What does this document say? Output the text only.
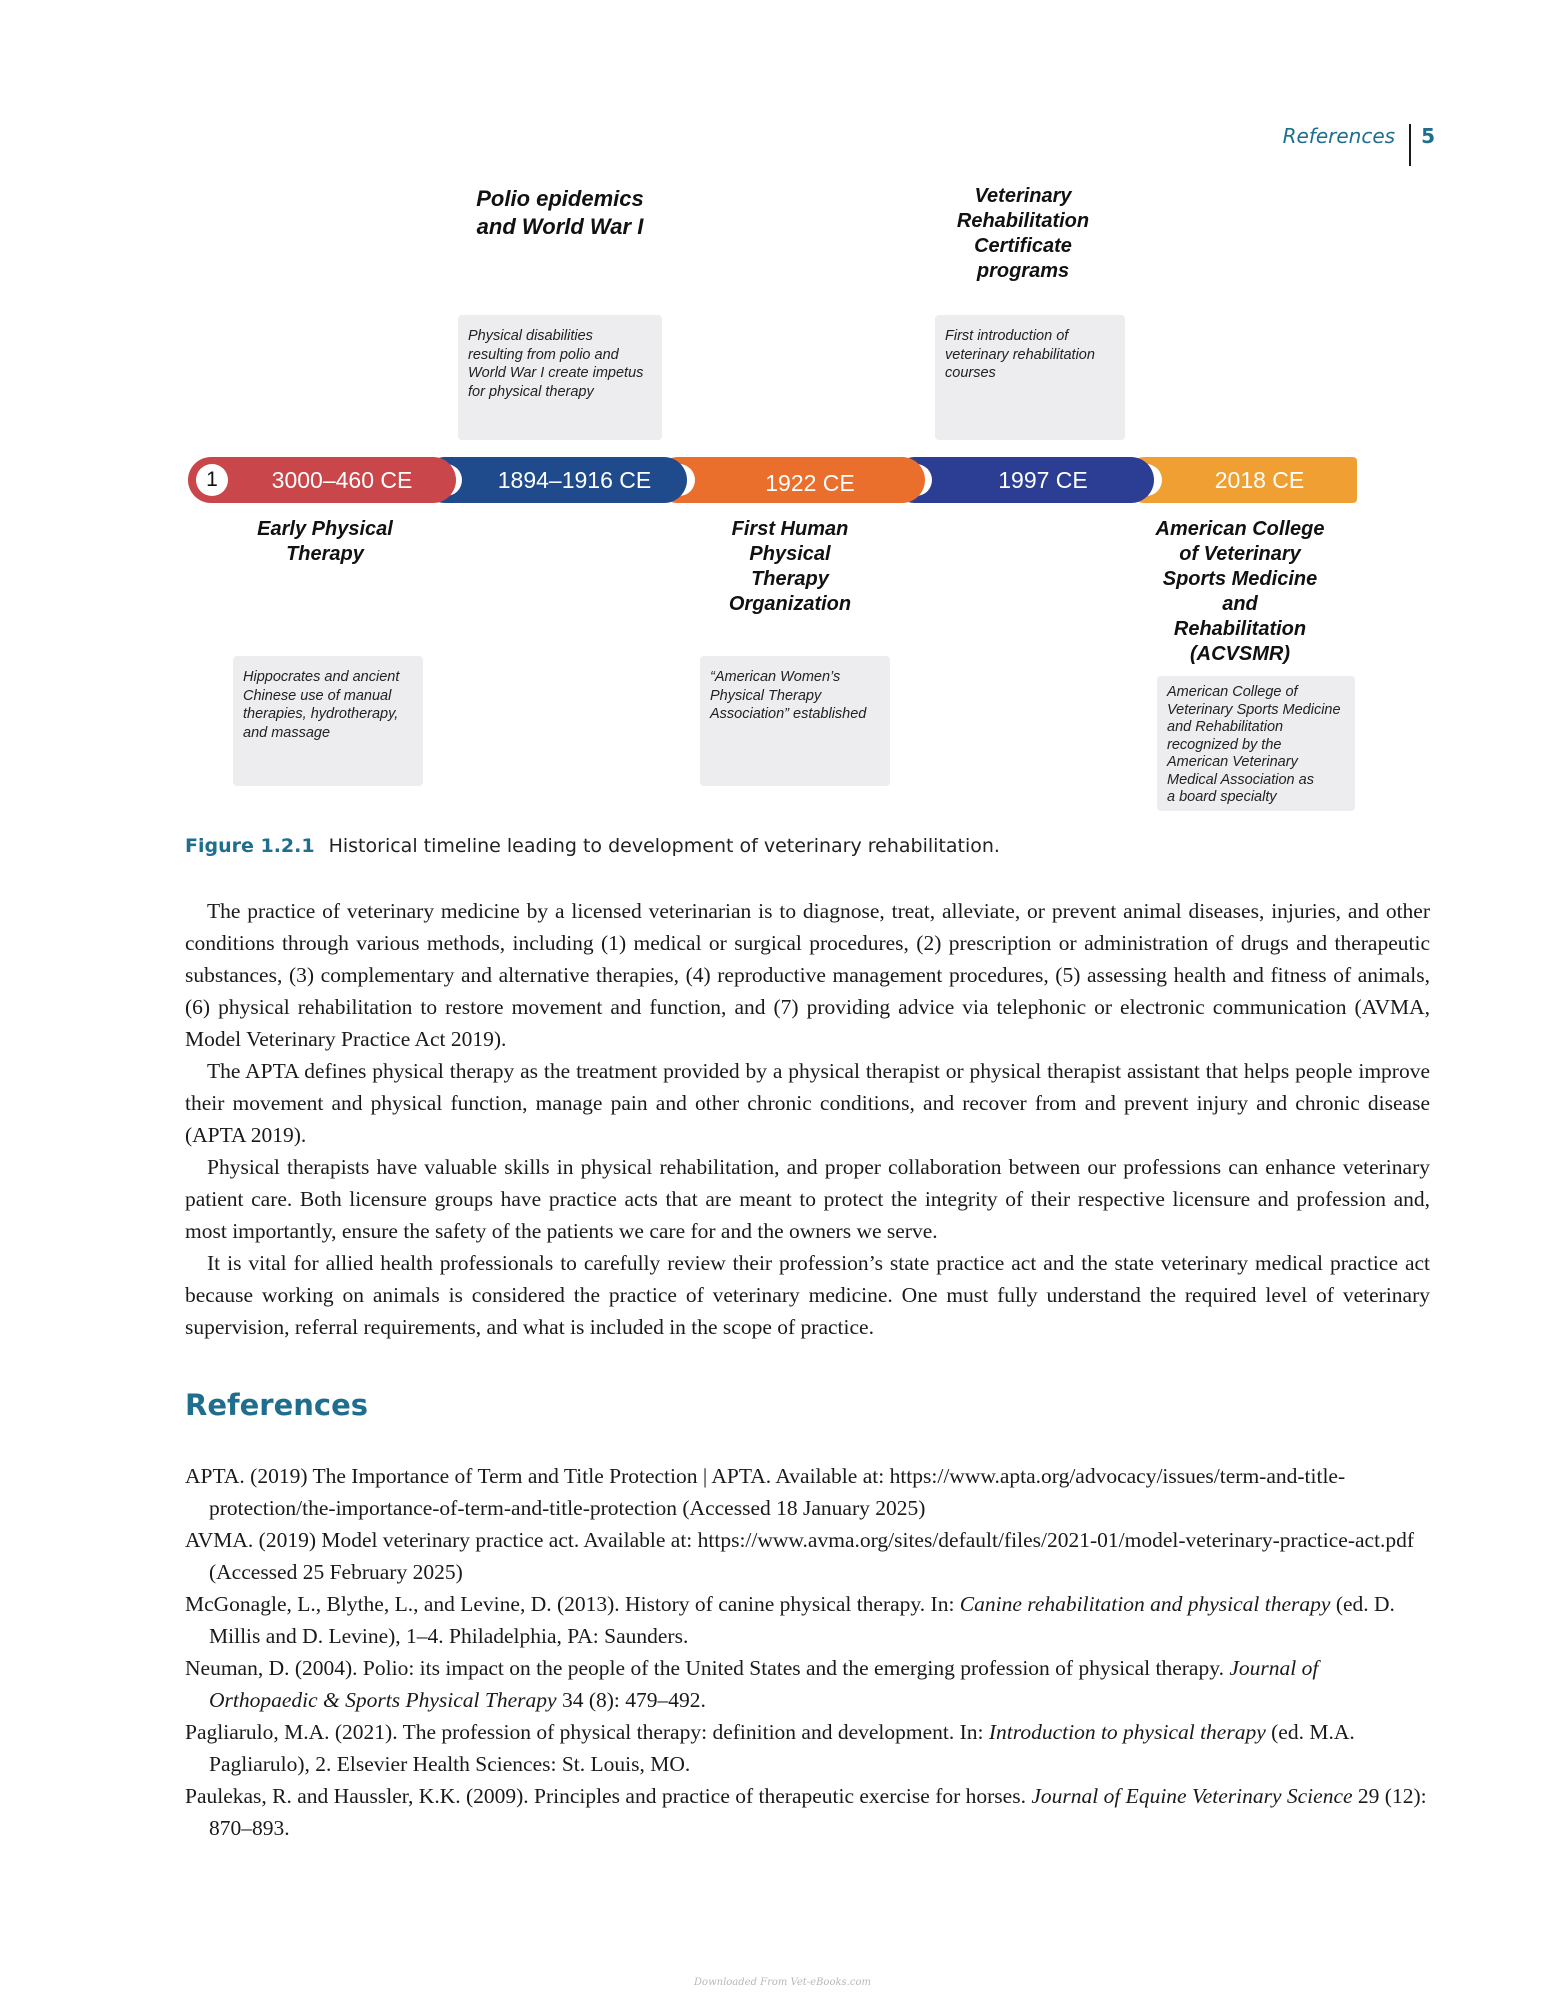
References	5
Polio epidemics
and World War I
Veterinary
Rehabilitation
Certificate
programs
Physical disabilities
resulting from polio and
World War I create impetus
for physical therapy
First introduction of
veterinary rehabilitation
courses
2018 CE
1997 CE
1922 CE
1894–1916 CE
1	3000–460 CE
Early Physical
Therapy
First Human
Physical
Therapy
Organization
American College
of Veterinary
Sports Medicine
and
Rehabilitation
(ACVSMR)
Hippocrates and ancient
Chinese use of manual
therapies, hydrotherapy,
and massage
“American Women’s
Physical Therapy
Association” established
American College of
Veterinary Sports Medicine
and Rehabilitation
recognized by the
American Veterinary
Medical Association as
a board specialty
Figure 1.2.1 Historical timeline leading to development of veterinary rehabilitation.

The practice of veterinary medicine by a licensed veterinarian is to diagnose, treat, alleviate, or prevent animal diseases, injuries, and other conditions through various methods, including (1) medical or surgical procedures, (2) prescription or administration of drugs and therapeutic substances, (3) complementary and alternative therapies, (4) reproductive management procedures, (5) assessing health and fitness of animals, (6) physical rehabilitation to restore movement and function, and (7) providing advice via telephonic or electronic communication (AVMA, Model Veterinary Practice Act 2019).

The APTA defines physical therapy as the treatment provided by a physical therapist or physical therapist assistant that helps people improve their movement and physical function, manage pain and other chronic conditions, and recover from and prevent injury and chronic disease (APTA 2019).

Physical therapists have valuable skills in physical rehabilitation, and proper collaboration between our professions can enhance veterinary patient care. Both licensure groups have practice acts that are meant to protect the integrity of their respective licensure and profession and, most importantly, ensure the safety of the patients we care for and the owners we serve.

It is vital for allied health professionals to carefully review their profession’s state practice act and the state veterinary medical practice act because working on animals is considered the practice of veterinary medicine. One must fully understand the required level of veterinary supervision, referral requirements, and what is included in the scope of practice.

References
APTA. (2019) The Importance of Term and Title Protection | APTA. Available at: https://www.apta.org/advocacy/issues/term-and-title-protection/the-importance-of-term-and-title-protection (Accessed 18 January 2025)
AVMA. (2019) Model veterinary practice act. Available at: https://www.avma.org/sites/default/files/2021-01/model-veterinary-practice-act.pdf (Accessed 25 February 2025)
McGonagle, L., Blythe, L., and Levine, D. (2013). History of canine physical therapy. In: Canine rehabilitation and physical therapy (ed. D. Millis and D. Levine), 1–4. Philadelphia, PA: Saunders.
Neuman, D. (2004). Polio: its impact on the people of the United States and the emerging profession of physical therapy. Journal of Orthopaedic & Sports Physical Therapy 34 (8): 479–492.
Pagliarulo, M.A. (2021). The profession of physical therapy: definition and development. In: Introduction to physical therapy (ed. M.A. Pagliarulo), 2. Elsevier Health Sciences: St. Louis, MO.
Paulekas, R. and Haussler, K.K. (2009). Principles and practice of therapeutic exercise for horses. Journal of Equine Veterinary Science 29 (12): 870–893.
Downloaded From Vet-eBooks.com
